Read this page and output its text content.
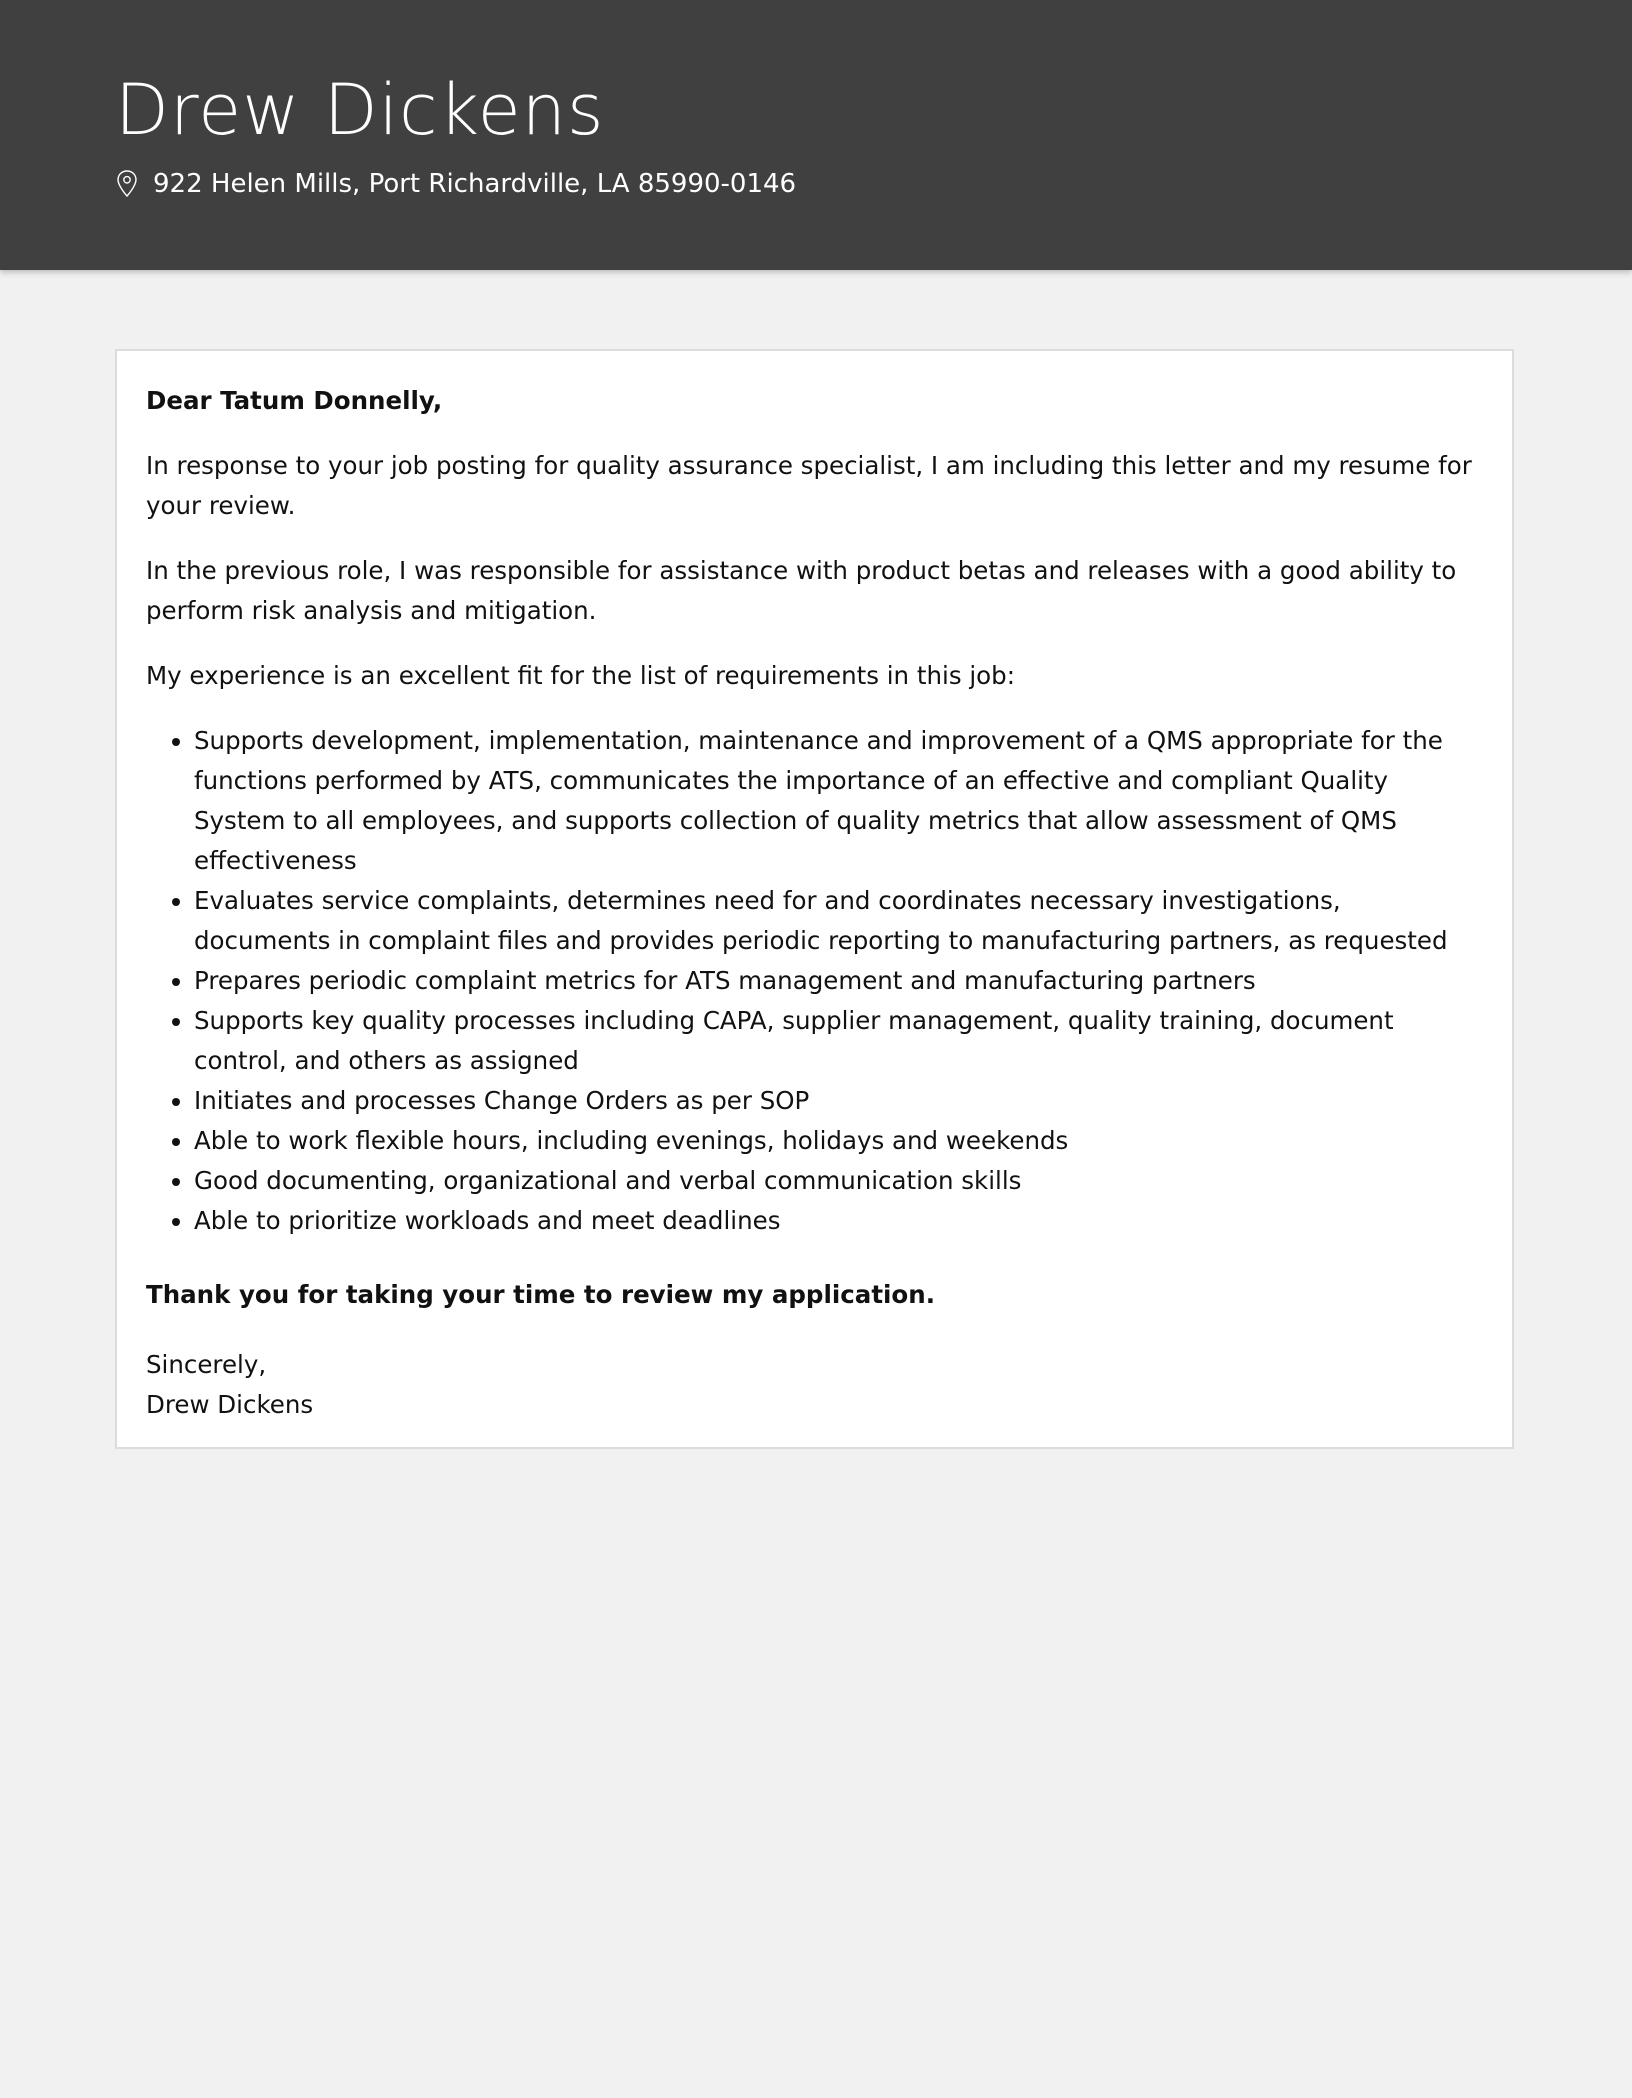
Drew Dickens
922 Helen Mills, Port Richardville, LA 85990-0146

Dear Tatum Donnelly,

In response to your job posting for quality assurance specialist, I am including this letter and my resume for your review.

In the previous role, I was responsible for assistance with product betas and releases with a good ability to perform risk analysis and mitigation.

My experience is an excellent fit for the list of requirements in this job:

• Supports development, implementation, maintenance and improvement of a QMS appropriate for the functions performed by ATS, communicates the importance of an effective and compliant Quality System to all employees, and supports collection of quality metrics that allow assessment of QMS effectiveness
• Evaluates service complaints, determines need for and coordinates necessary investigations, documents in complaint files and provides periodic reporting to manufacturing partners, as requested
• Prepares periodic complaint metrics for ATS management and manufacturing partners
• Supports key quality processes including CAPA, supplier management, quality training, document control, and others as assigned
• Initiates and processes Change Orders as per SOP
• Able to work flexible hours, including evenings, holidays and weekends
• Good documenting, organizational and verbal communication skills
• Able to prioritize workloads and meet deadlines

Thank you for taking your time to review my application.

Sincerely,

Drew Dickens
